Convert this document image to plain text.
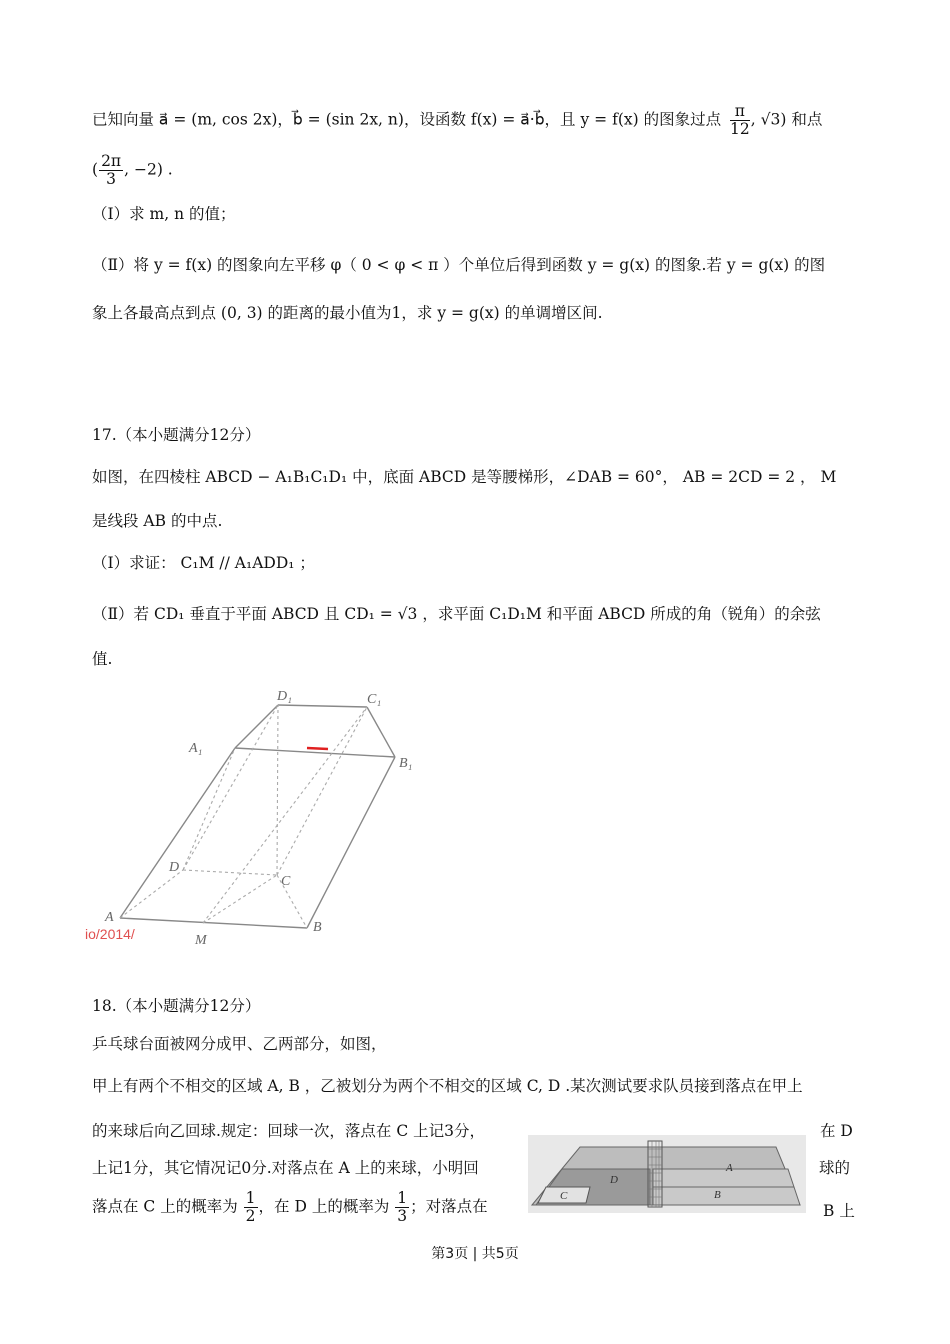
已知向量 a⃗ = (m, cos 2x)，b⃗ = (sin 2x, n)，设函数 f(x) = a⃗·b⃗，且 y = f(x) 的图象过点 $\frac{\pi}{12}$ , √3) 和点
( $\frac{2\pi}{3}$ , −2) .
（Ⅰ）求 m, n 的值；
（Ⅱ）将 y = f(x) 的图象向左平移 φ（ 0 < φ < π ）个单位后得到函数 y = g(x) 的图象.若 y = g(x) 的图
象上各最高点到点 (0, 3) 的距离的最小值为1，求 y = g(x) 的单调增区间.
17.（本小题满分12分）
如图，在四棱柱 ABCD − A₁B₁C₁D₁ 中，底面 ABCD 是等腰梯形，∠DAB = 60°， AB = 2CD = 2 ， M
是线段 AB 的中点.
（Ⅰ）求证： C₁M // A₁ADD₁ ；
（Ⅱ）若 CD₁ 垂直于平面 ABCD 且 CD₁ = √3 ，求平面 C₁D₁M 和平面 ABCD 所成的角（锐角）的余弦
值.
A
B
C
D
M
A₁
B₁
C₁
D₁
io/2014/
18.（本小题满分12分）
乒乓球台面被网分成甲、乙两部分，如图，
甲上有两个不相交的区域 A, B ，乙被划分为两个不相交的区域 C, D .某次测试要求队员接到落点在甲上
的来球后向乙回球.规定：回球一次，落点在 C 上记3分，	在 D
上记1分，其它情况记0分.对落点在 A 上的来球，小明回	球的
落点在 C 上的概率为 $\frac{1}{2}$ ，在 D 上的概率为 $\frac{1}{3}$ ；对落点在	B 上
A
B
C
D
第3页 | 共5页
